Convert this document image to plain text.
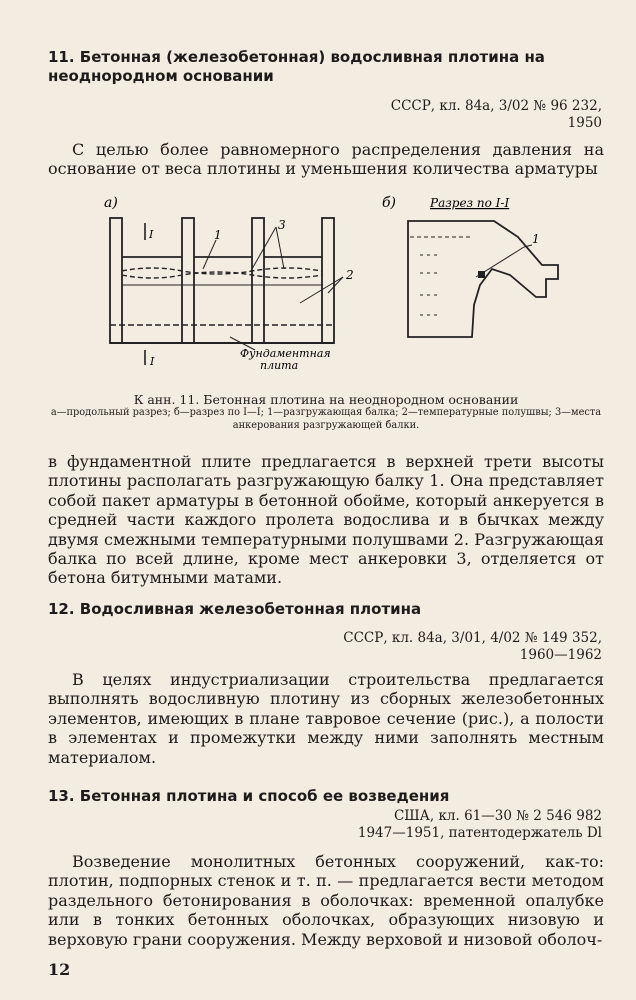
11. Бетонная (железобетонная) водосливная плотина на неоднородном основании
СССР, кл. 84а, 3/02 № 96 232,
1950

С целью более равномерного распределения давления на основание от веса плотины и уменьшения количества арматуры

а)
I
I
1
3
2
Фундаментная
плита
б)	Разрез по I-I
1
К анн. 11. Бетонная плотина на неоднородном основании
а—продольный разрез; б—разрез по I—I; 1—разгружающая балка; 2—температурные полушвы; 3—места анкерования разгружающей балки.

в фундаментной плите предлагается в верхней трети высоты плотины располагать разгружающую балку 1. Она представляет собой пакет арматуры в бетонной обойме, который анкеруется в средней части каждого пролета водослива и в бычках между двумя смежными температурными полушвами 2. Разгружающая балка по всей длине, кроме мест анкеровки 3, отделяется от бетона битумными матами.

12. Водосливная железобетонная плотина
СССР, кл. 84а, 3/01, 4/02 № 149 352,
1960—1962

В целях индустриализации строительства предлагается выполнять водосливную плотину из сборных железобетонных элементов, имеющих в плане тавровое сечение (рис.), а полости в элементах и промежутки между ними заполнять местным материалом.

13. Бетонная плотина и способ ее возведения
США, кл. 61—30 № 2 546 982
1947—1951, патентодержатель Dl

Возведение монолитных бетонных сооружений, как-то: плотин, подпорных стенок и т. п. — предлагается вести методом раздельного бетонирования в оболочках: временной опалубке или в тонких бетонных оболочках, образующих низовую и верховую грани сооружения. Между верховой и низовой оболоч-

12
